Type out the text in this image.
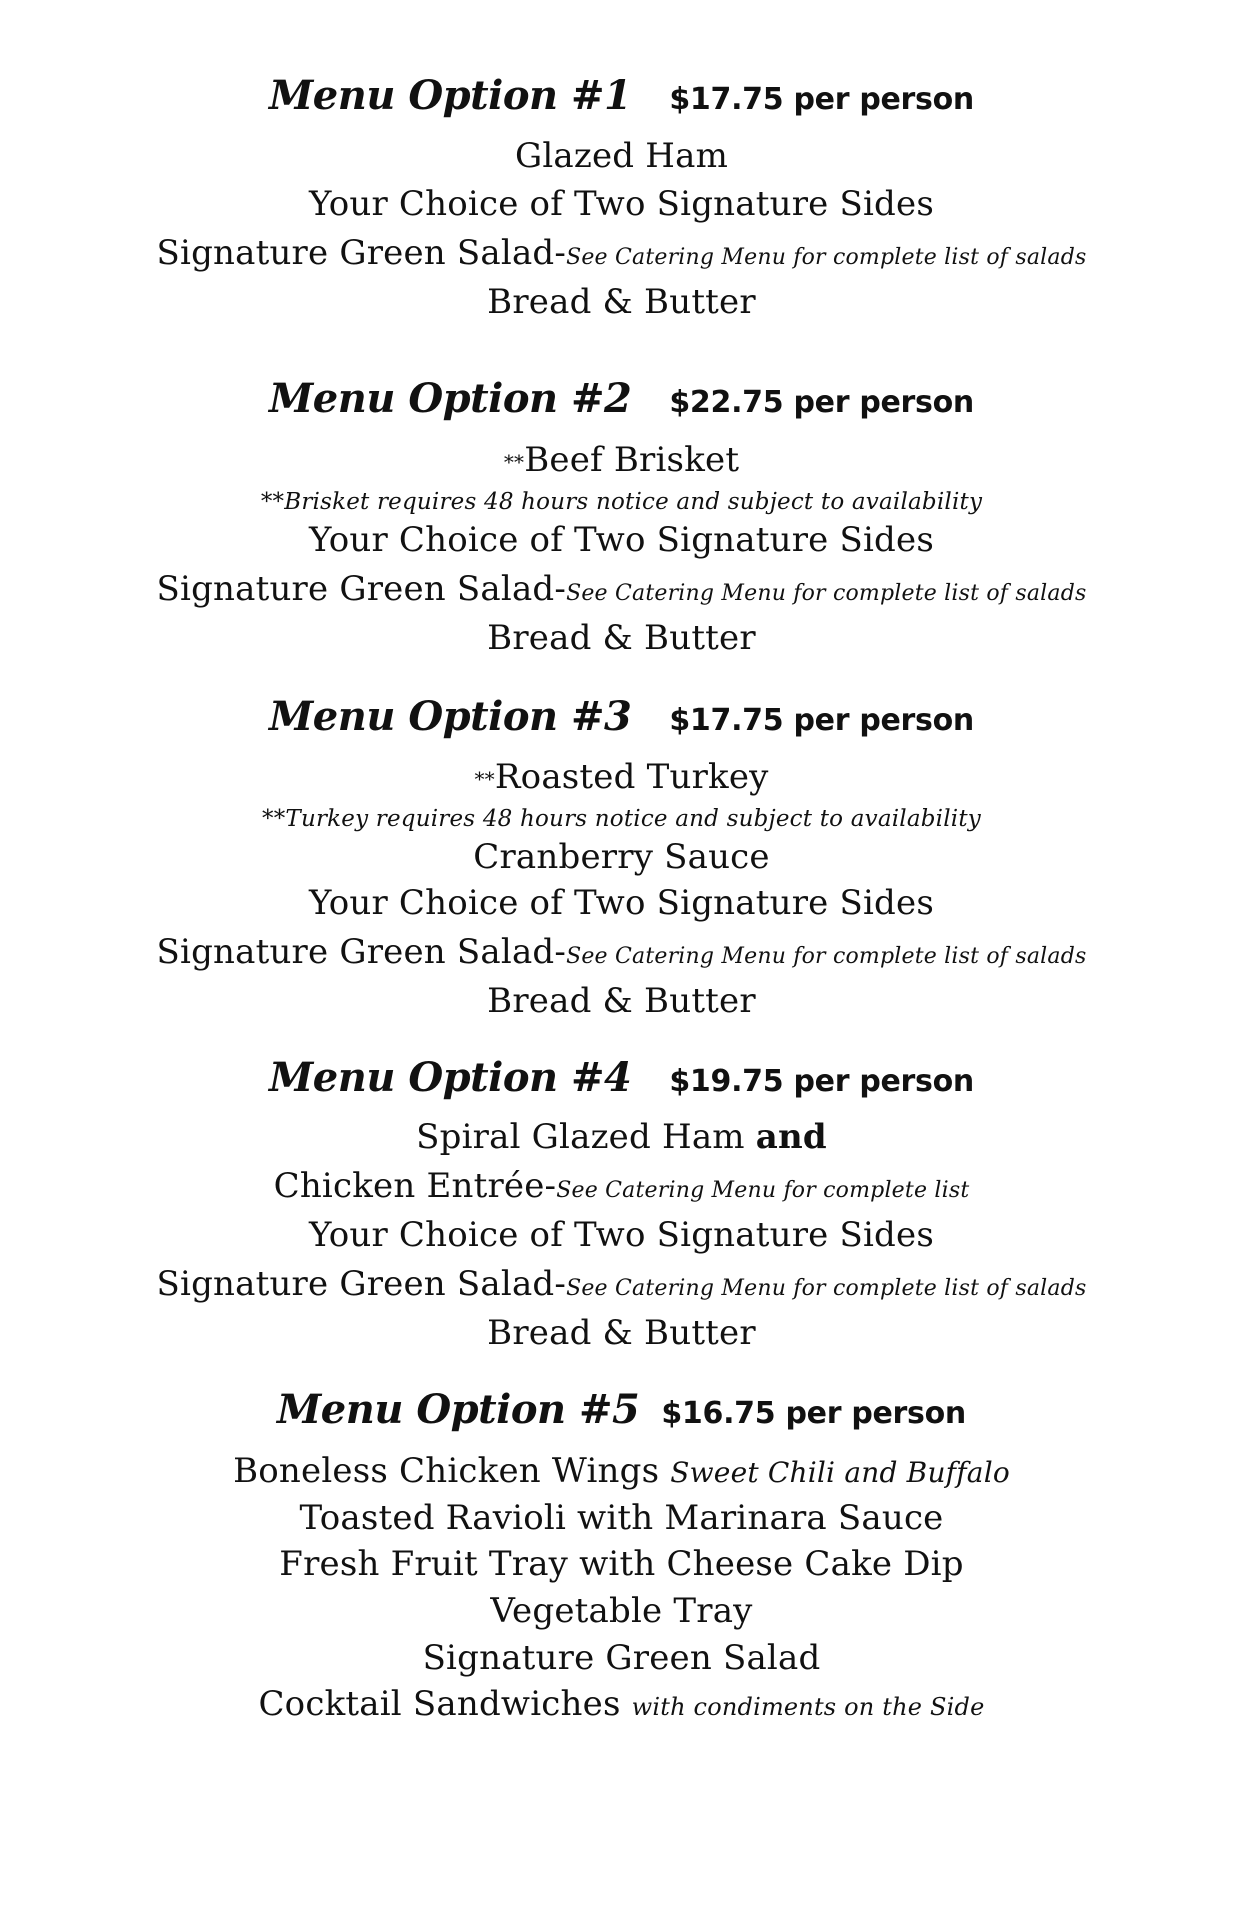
Menu Option #1 $17.75 per person
Glazed Ham
Your Choice of Two Signature Sides
Signature Green Salad-See Catering Menu for complete list of salads
Bread & Butter
Menu Option #2 $22.75 per person
**Beef Brisket
**Brisket requires 48 hours notice and subject to availability
Your Choice of Two Signature Sides
Signature Green Salad-See Catering Menu for complete list of salads
Bread & Butter
Menu Option #3 $17.75 per person
**Roasted Turkey
**Turkey requires 48 hours notice and subject to availability
Cranberry Sauce
Your Choice of Two Signature Sides
Signature Green Salad-See Catering Menu for complete list of salads
Bread & Butter
Menu Option #4 $19.75 per person
Spiral Glazed Ham and
Chicken Entrée-See Catering Menu for complete list
Your Choice of Two Signature Sides
Signature Green Salad-See Catering Menu for complete list of salads
Bread & Butter
Menu Option #5 $16.75 per person
Boneless Chicken Wings Sweet Chili and Buffalo
Toasted Ravioli with Marinara Sauce
Fresh Fruit Tray with Cheese Cake Dip
Vegetable Tray
Signature Green Salad
Cocktail Sandwiches with condiments on the Side
